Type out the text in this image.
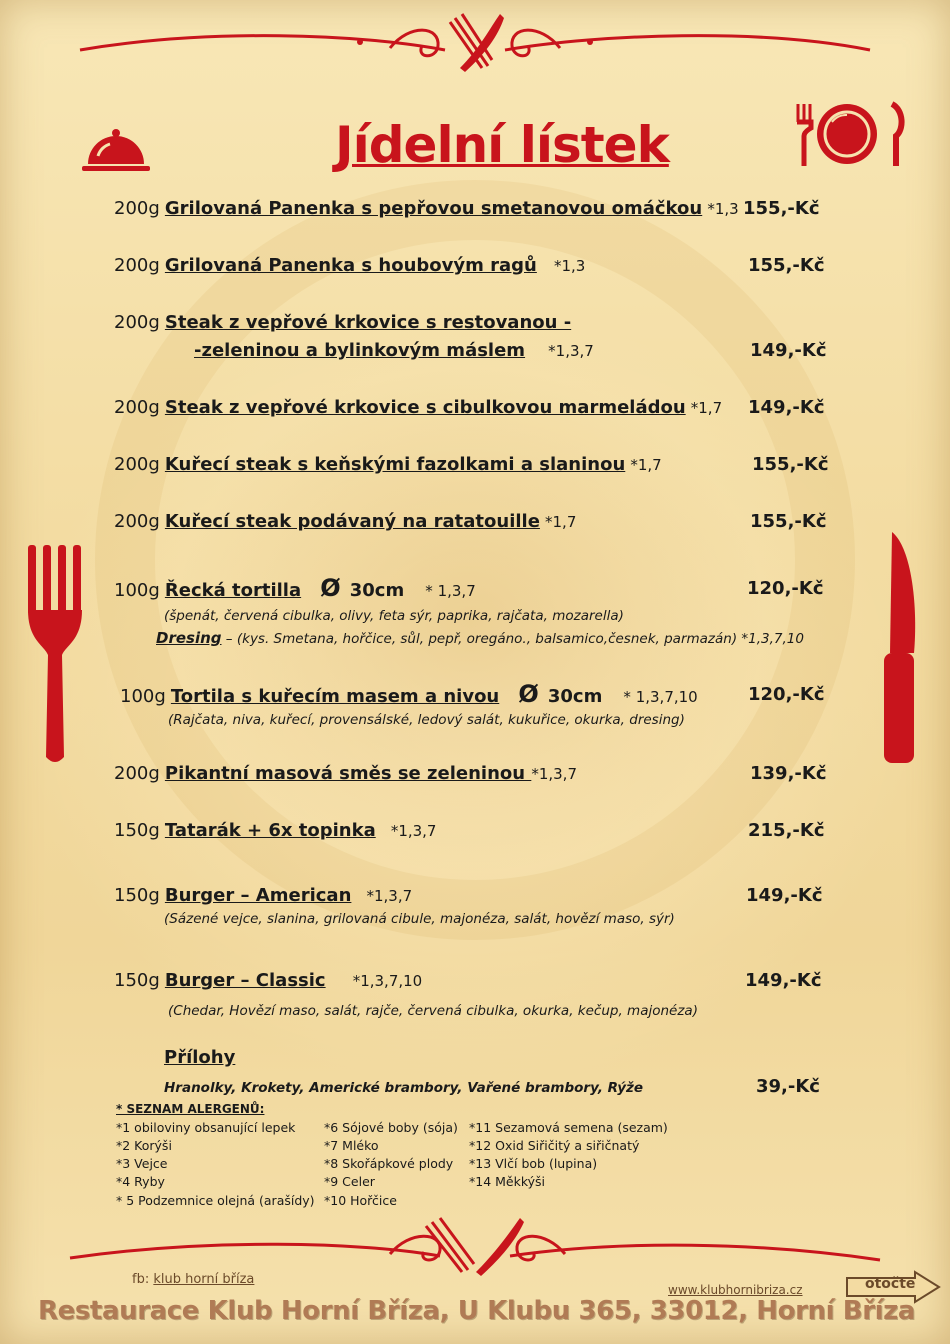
Jídelní lístek
200g Grilovaná Panenka s pepřovou smetanovou omáčkou *1,3 155,-Kč
200g Grilovaná Panenka s houbovým ragů *1,3	155,-Kč
200g Steak z vepřové krkovice s restovanou -
-zeleninou a bylinkovým máslem *1,3,7	149,-Kč
200g Steak z vepřové krkovice s cibulkovou marmeládou *1,7 149,-Kč
200g Kuřecí steak s keňskými fazolkami a slaninou *1,7	155,-Kč
200g Kuřecí steak podávaný na ratatouille *1,7	155,-Kč
100g Řecká tortilla Ø 30cm * 1,3,7	120,-Kč
(špenát, červená cibulka, olivy, feta sýr, paprika, rajčata, mozarella)
Dresing – (kys. Smetana, hořčice, sůl, pepř, oregáno., balsamico,česnek, parmazán) *1,3,7,10
100g Tortila s kuřecím masem a nivou Ø 30cm * 1,3,7,10	120,-Kč
(Rajčata, niva, kuřecí, provensálské, ledový salát, kukuřice, okurka, dresing)
200g Pikantní masová směs se zeleninou *1,3,7	139,-Kč
150g Tatarák + 6x topinka *1,3,7	215,-Kč
150g Burger – American *1,3,7	149,-Kč
(Sázené vejce, slanina, grilovaná cibule, majonéza, salát, hovězí maso, sýr)
150g Burger – Classic *1,3,7,10	149,-Kč
(Chedar, Hovězí maso, salát, rajče, červená cibulka, okurka, kečup, majonéza)
Přílohy
Hranolky, Krokety, Americké brambory, Vařené brambory, Rýže	39,-Kč
* SEZNAM ALERGENŮ:
*1 obiloviny obsanující lepek
*2 Korýši
*3 Vejce
*4 Ryby
* 5 Podzemnice olejná (arašídy)
*6 Sójové boby (sója)
*7 Mléko
*8 Skořápkové plody
*9 Celer
*10 Hořčice
*11 Sezamová semena (sezam)
*12 Oxid Siřičitý a siřičnatý
*13 Vlčí bob (lupina)
*14 Měkkýši
fb: klub horní bříza
www.klubhornibriza.cz	otočte
Restaurace Klub Horní Bříza, U Klubu 365, 33012, Horní Bříza
